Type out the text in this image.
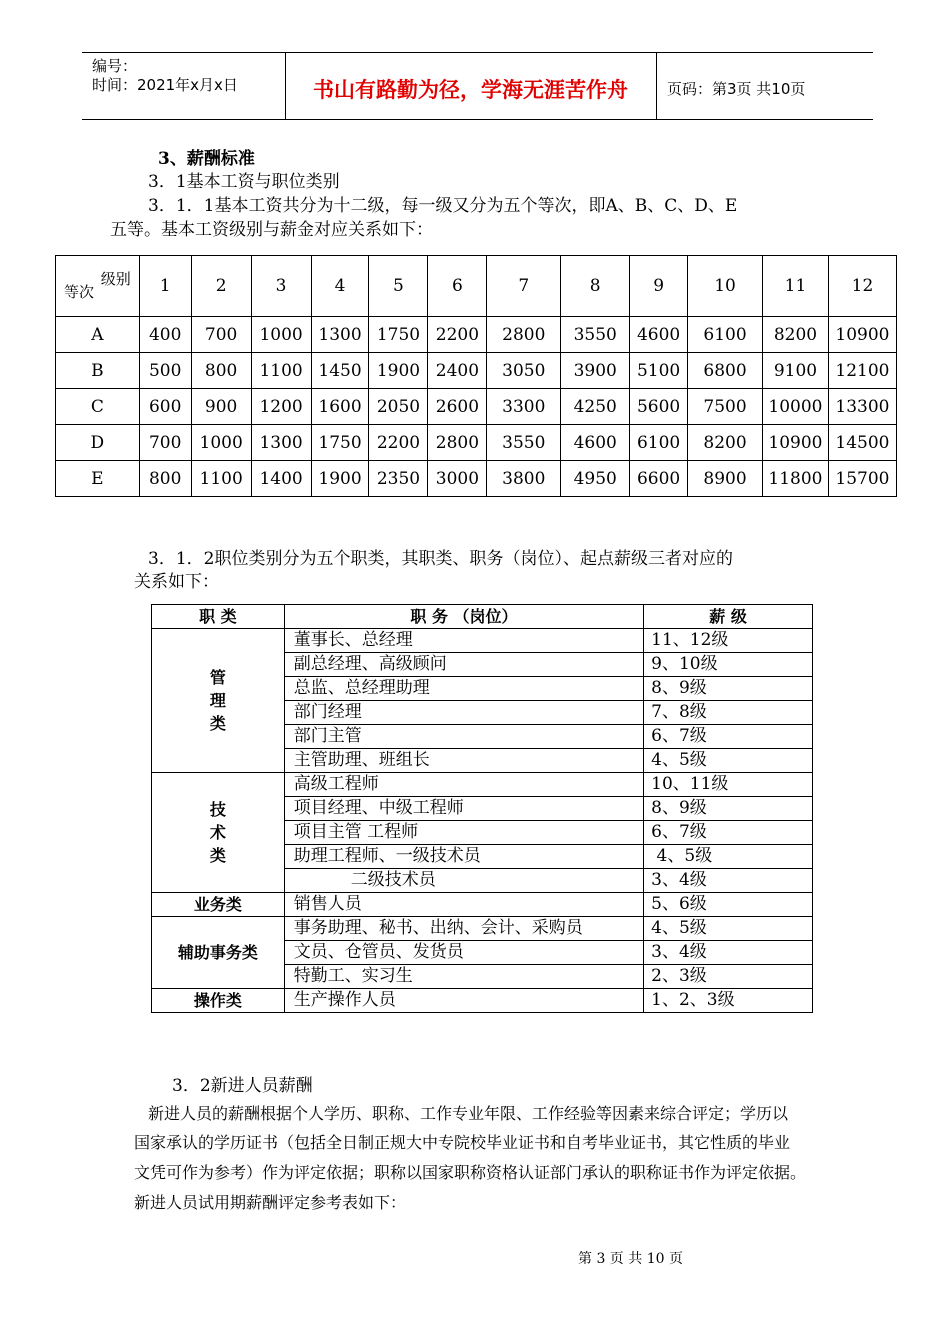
编号：
时间：2021年x月x日	书山有路勤为径，学海无涯苦作舟	页码：第3页 共10页
3、薪酬标准
3．1基本工资与职位类别
3．1．1基本工资共分为十二级，每一级又分为五个等次，即A、B、C、D、E
五等。基本工资级别与薪金对应关系如下：
级别
等次	1	2	3	4	5	6	7	8	9	10	11	12
A	400	700	1000	1300	1750	2200	2800	3550	4600	6100	8200	10900
B	500	800	1100	1450	1900	2400	3050	3900	5100	6800	9100	12100
C	600	900	1200	1600	2050	2600	3300	4250	5600	7500	10000	13300
D	700	1000	1300	1750	2200	2800	3550	4600	6100	8200	10900	14500
E	800	1100	1400	1900	2350	3000	3800	4950	6600	8900	11800	15700
3．1．2职位类别分为五个职类，其职类、职务（岗位）、起点薪级三者对应的
关系如下：
职 类	职 务 （岗位）	薪 级

管
理
类	董事长、总经理	11、12级
	副总经理、高级顾问	9、10级
	总监、总经理助理	8、9级
	部门经理	7、8级
	部门主管	6、7级
	主管助理、班组长	4、5级

技
术
类	高级工程师	10、11级
	项目经理、中级工程师	8、9级
	项目主管 工程师	6、7级
	助理工程师、一级技术员	4、5级
	二级技术员	3、4级
业务类	销售人员	5、6级
辅助事务类	事务助理、秘书、出纳、会计、采购员	4、5级
	文员、仓管员、发货员	3、4级
	特勤工、实习生	2、3级
操作类	生产操作人员	1、2、3级
3．2新进人员薪酬
新进人员的薪酬根据个人学历、职称、工作专业年限、工作经验等因素来综合评定；学历以
国家承认的学历证书（包括全日制正规大中专院校毕业证书和自考毕业证书，其它性质的毕业
文凭可作为参考）作为评定依据；职称以国家职称资格认证部门承认的职称证书作为评定依据。
新进人员试用期薪酬评定参考表如下：
第 3 页 共 10 页
